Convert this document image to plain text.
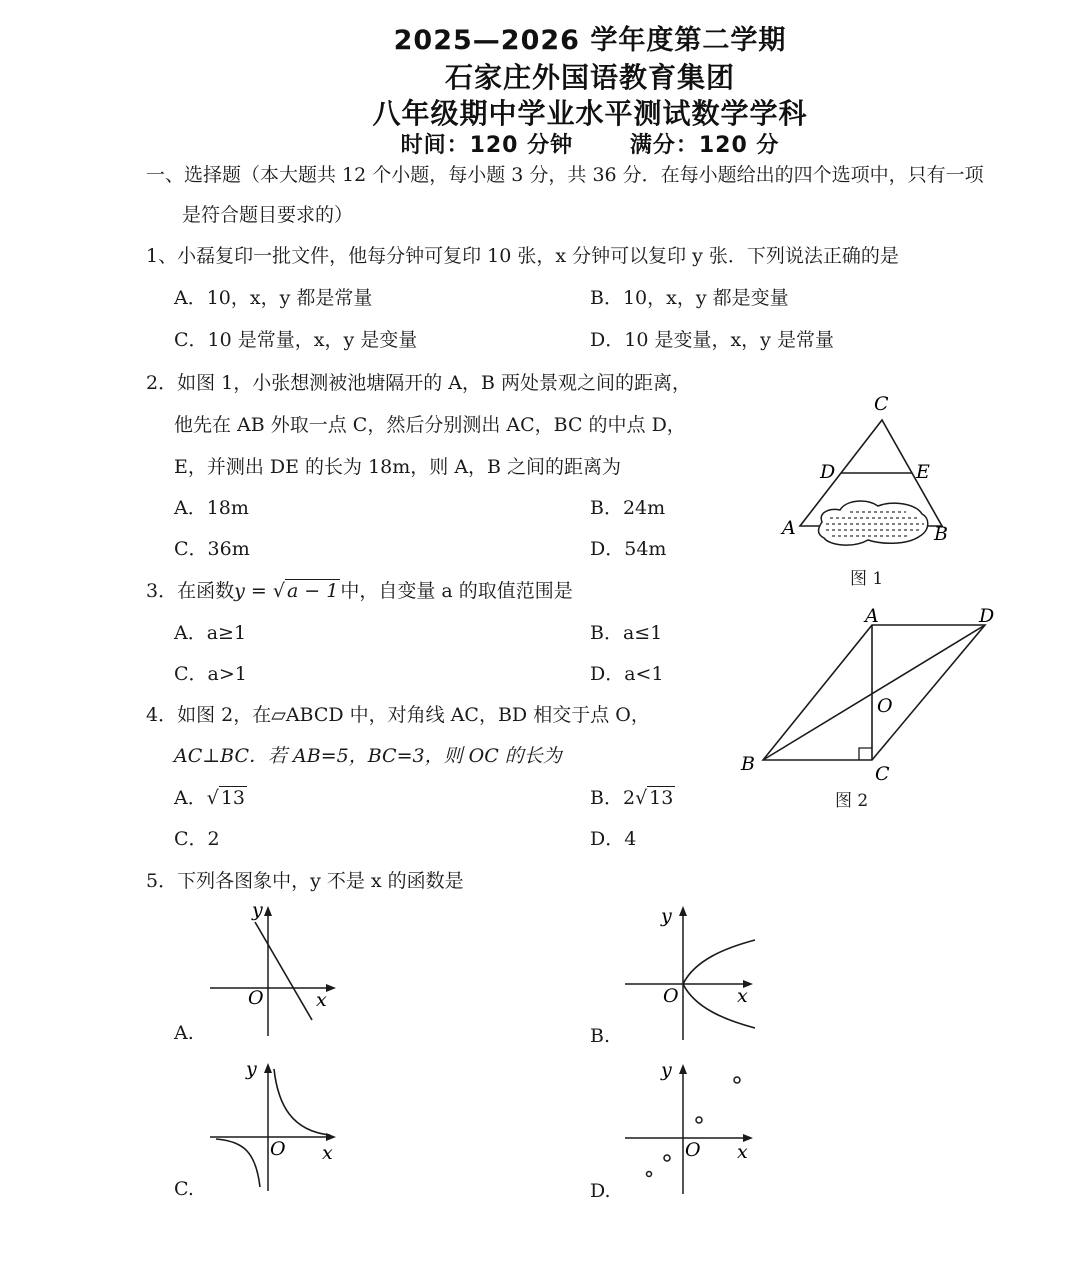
2025—2026 学年度第二学期
石家庄外国语教育集团
八年级期中学业水平测试数学学科
时间：120 分钟	满分：120 分
一、选择题（本大题共 12 个小题，每小题 3 分，共 36 分．在每小题给出的四个选项中，只有一项
是符合题目要求的）
1、小磊复印一批文件，他每分钟可复印 10 张，x 分钟可以复印 y 张．下列说法正确的是
A．10，x，y 都是常量	B．10，x，y 都是变量
C．10 是常量，x，y 是变量	D．10 是变量，x，y 是常量
2．如图 1，小张想测被池塘隔开的 A，B 两处景观之间的距离，
他先在 AB 外取一点 C，然后分别测出 AC，BC 的中点 D，
E，并测出 DE 的长为 18m，则 A，B 之间的距离为
A．18m	B．24m
C．36m	D．54m
C
D	E
A	B
图 1
3．在函数y = √ a − 1 中，自变量 a 的取值范围是
A．a≥1	B．a≤1
C．a>1	D．a<1
A	D
O
B	C
图 2
4．如图 2，在▱ABCD 中，对角线 AC，BD 相交于点 O，
AC⊥BC．若 AB=5，BC=3，则 OC 的长为
A．√ 13	B．2√ 13
C．2	D．4
5．下列各图象中，y 不是 x 的函数是
y
x
O
A.
y
x
O
B.
y
x
O
C.
y
x
O
D.
